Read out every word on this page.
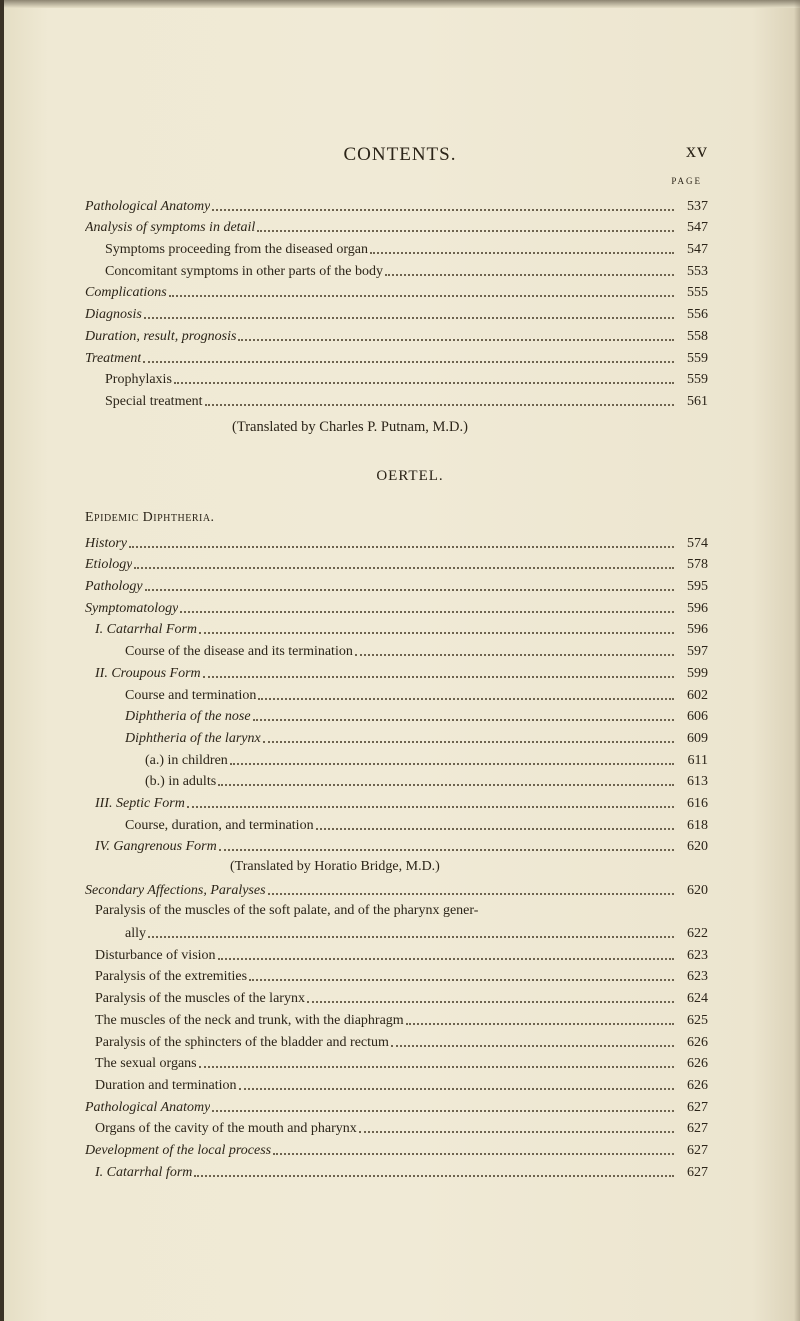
CONTENTS.	xv
PAGE
Pathological Anatomy	537
Analysis of symptoms in detail	547
Symptoms proceeding from the diseased organ	547
Concomitant symptoms in other parts of the body	553
Complications	555
Diagnosis	556
Duration, result, prognosis	558
Treatment	559
Prophylaxis	559
Special treatment	561
(Translated by Charles P. Putnam, M.D.)
OERTEL.
Epidemic Diphtheria.
History	574
Etiology	578
Pathology	595
Symptomatology	596
I. Catarrhal Form	596
Course of the disease and its termination	597
II. Croupous Form	599
Course and termination	602
Diphtheria of the nose	606
Diphtheria of the larynx	609
(a.) in children	611
(b.) in adults	613
III. Septic Form	616
Course, duration, and termination	618
IV. Gangrenous Form	620
(Translated by Horatio Bridge, M.D.)
Secondary Affections, Paralyses	620
Paralysis of the muscles of the soft palate, and of the pharynx gener-
ally	622
Disturbance of vision	623
Paralysis of the extremities	623
Paralysis of the muscles of the larynx	624
The muscles of the neck and trunk, with the diaphragm	625
Paralysis of the sphincters of the bladder and rectum	626
The sexual organs	626
Duration and termination	626
Pathological Anatomy	627
Organs of the cavity of the mouth and pharynx	627
Development of the local process	627
I. Catarrhal form	627
